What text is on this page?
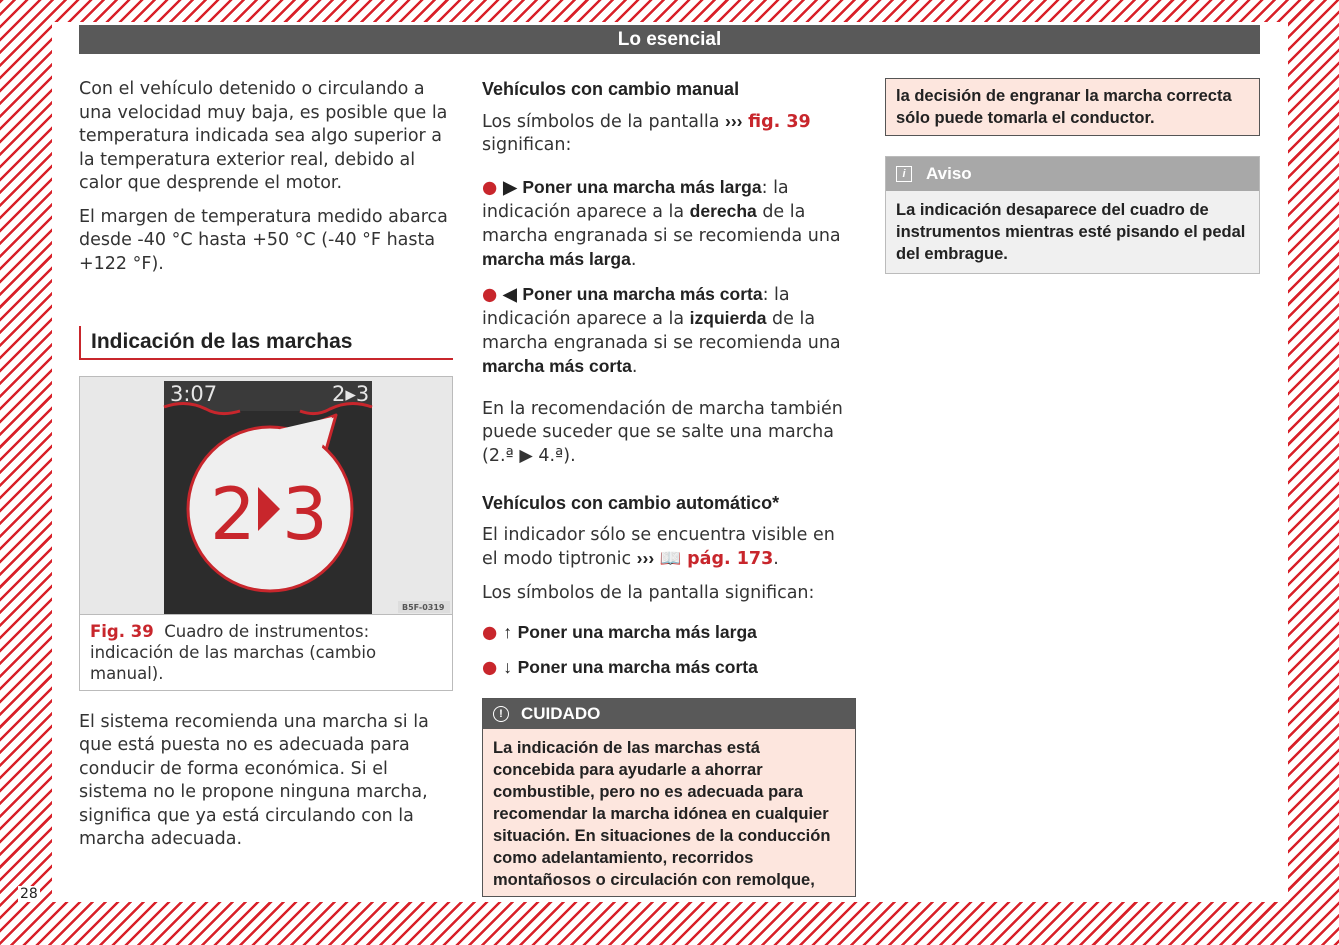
28
Lo esencial

Con el vehículo detenido o circulando a una velocidad muy baja, es posible que la temperatura indicada sea algo superior a la temperatura exterior real, debido al calor que desprende el motor.

El margen de temperatura medido abarca desde -40 °C hasta +50 °C (-40 °F hasta +122 °F).

Indicación de las marchas
3:07	2▸3
2 3
B5F-0319
Fig. 39 Cuadro de instrumentos: indicación de las marchas (cambio manual).

El sistema recomienda una marcha si la que está puesta no es adecuada para conducir de forma económica. Si el sistema no le propone ninguna marcha, significa que ya está circulando con la marcha adecuada.

Vehículos con cambio manual

Los símbolos de la pantalla ››› fig. 39 significan:

● ▶ Poner una marcha más larga: la indicación aparece a la derecha de la marcha engranada si se recomienda una marcha más larga.
● ◀ Poner una marcha más corta: la indicación aparece a la izquierda de la marcha engranada si se recomienda una marcha más corta.

En la recomendación de marcha también puede suceder que se salte una marcha (2.ª ▶ 4.ª).

Vehículos con cambio automático*

El indicador sólo se encuentra visible en el modo tiptronic ››› 📖 pág. 173.

Los símbolos de la pantalla significan:

● ↑ Poner una marcha más larga
● ↓ Poner una marcha más corta
!	CUIDADO
La indicación de las marchas está concebida para ayudarle a ahorrar combustible, pero no es adecuada para recomendar la marcha idónea en cualquier situación. En situaciones de la conducción como adelantamiento, recorridos montañosos o circulación con remolque,
la decisión de engranar la marcha correcta sólo puede tomarla el conductor.
i	Aviso
La indicación desaparece del cuadro de instrumentos mientras esté pisando el pedal del embrague.
